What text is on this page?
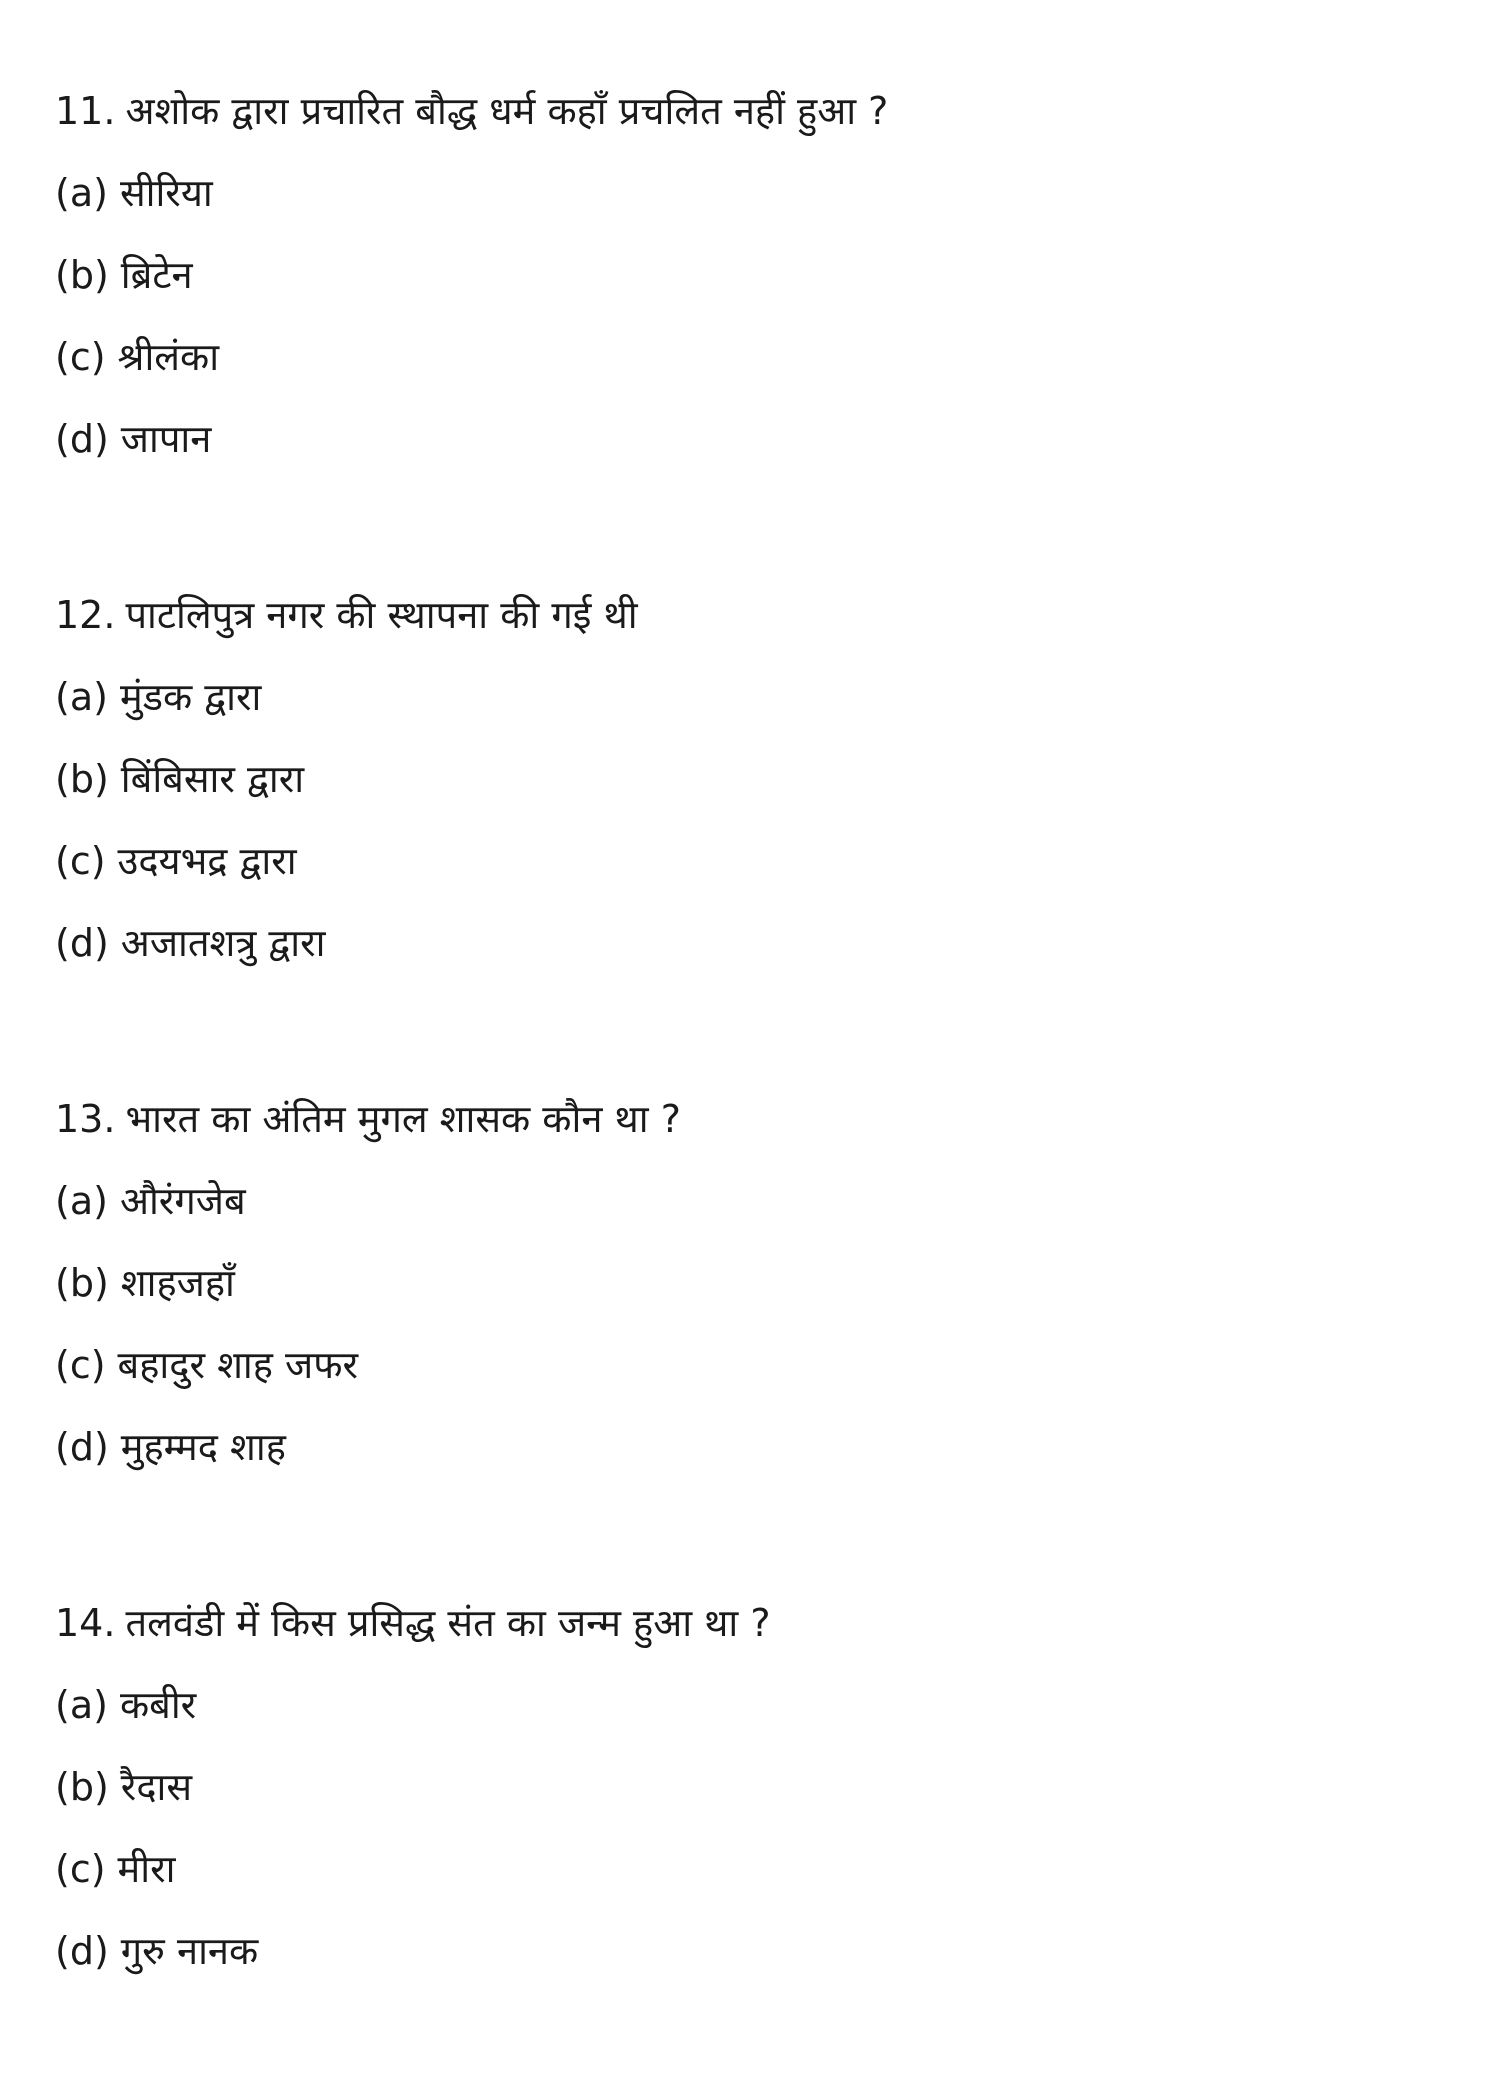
11. अशोक द्वारा प्रचारित बौद्ध धर्म कहाँ प्रचलित नहीं हुआ ?
(a) सीरिया
(b) ब्रिटेन
(c) श्रीलंका
(d) जापान
12. पाटलिपुत्र नगर की स्थापना की गई थी
(a) मुंडक द्वारा
(b) बिंबिसार द्वारा
(c) उदयभद्र द्वारा
(d) अजातशत्रु द्वारा
13. भारत का अंतिम मुगल शासक कौन था ?
(a) औरंगजेब
(b) शाहजहाँ
(c) बहादुर शाह जफर
(d) मुहम्मद शाह
14. तलवंडी में किस प्रसिद्ध संत का जन्म हुआ था ?
(a) कबीर
(b) रैदास
(c) मीरा
(d) गुरु नानक
